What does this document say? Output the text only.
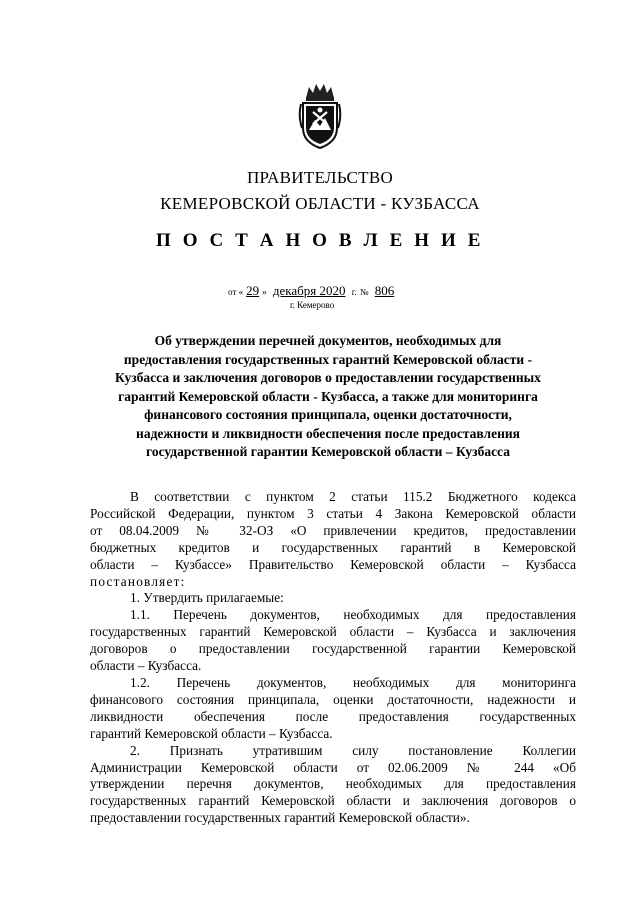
ПРАВИТЕЛЬСТВО
КЕМЕРОВСКОЙ ОБЛАСТИ - КУЗБАССА
П О С Т А Н О В Л Е Н И Е
от « 29 » декабря 2020 г. № 806
г. Кемерово
Об утверждении перечней документов, необходимых для
предоставления государственных гарантий Кемеровской области -
Кузбасса и заключения договоров о предоставлении государственных
гарантий Кемеровской области - Кузбасса, а также для мониторинга
финансового состояния принципала, оценки достаточности,
надежности и ликвидности обеспечения после предоставления
государственной гарантии Кемеровской области – Кузбасса
В соответствии с пунктом 2 статьи 115.2 Бюджетного кодекса
Российской Федерации, пунктом 3 статьи 4 Закона Кемеровской области
от 08.04.2009 № 32-ОЗ «О привлечении кредитов, предоставлении
бюджетных кредитов и государственных гарантий в Кемеровской
области – Кузбассе» Правительство Кемеровской области – Кузбасса
постановляет:
1. Утвердить прилагаемые:
1.1. Перечень документов, необходимых для предоставления
государственных гарантий Кемеровской области – Кузбасса и заключения
договоров о предоставлении государственной гарантии Кемеровской
области – Кузбасса.
1.2. Перечень документов, необходимых для мониторинга
финансового состояния принципала, оценки достаточности, надежности и
ликвидности обеспечения после предоставления государственных
гарантий Кемеровской области – Кузбасса.
2. Признать утратившим силу постановление Коллегии
Администрации Кемеровской области от 02.06.2009 № 244 «Об
утверждении перечня документов, необходимых для предоставления
государственных гарантий Кемеровской области и заключения договоров о
предоставлении государственных гарантий Кемеровской области».
